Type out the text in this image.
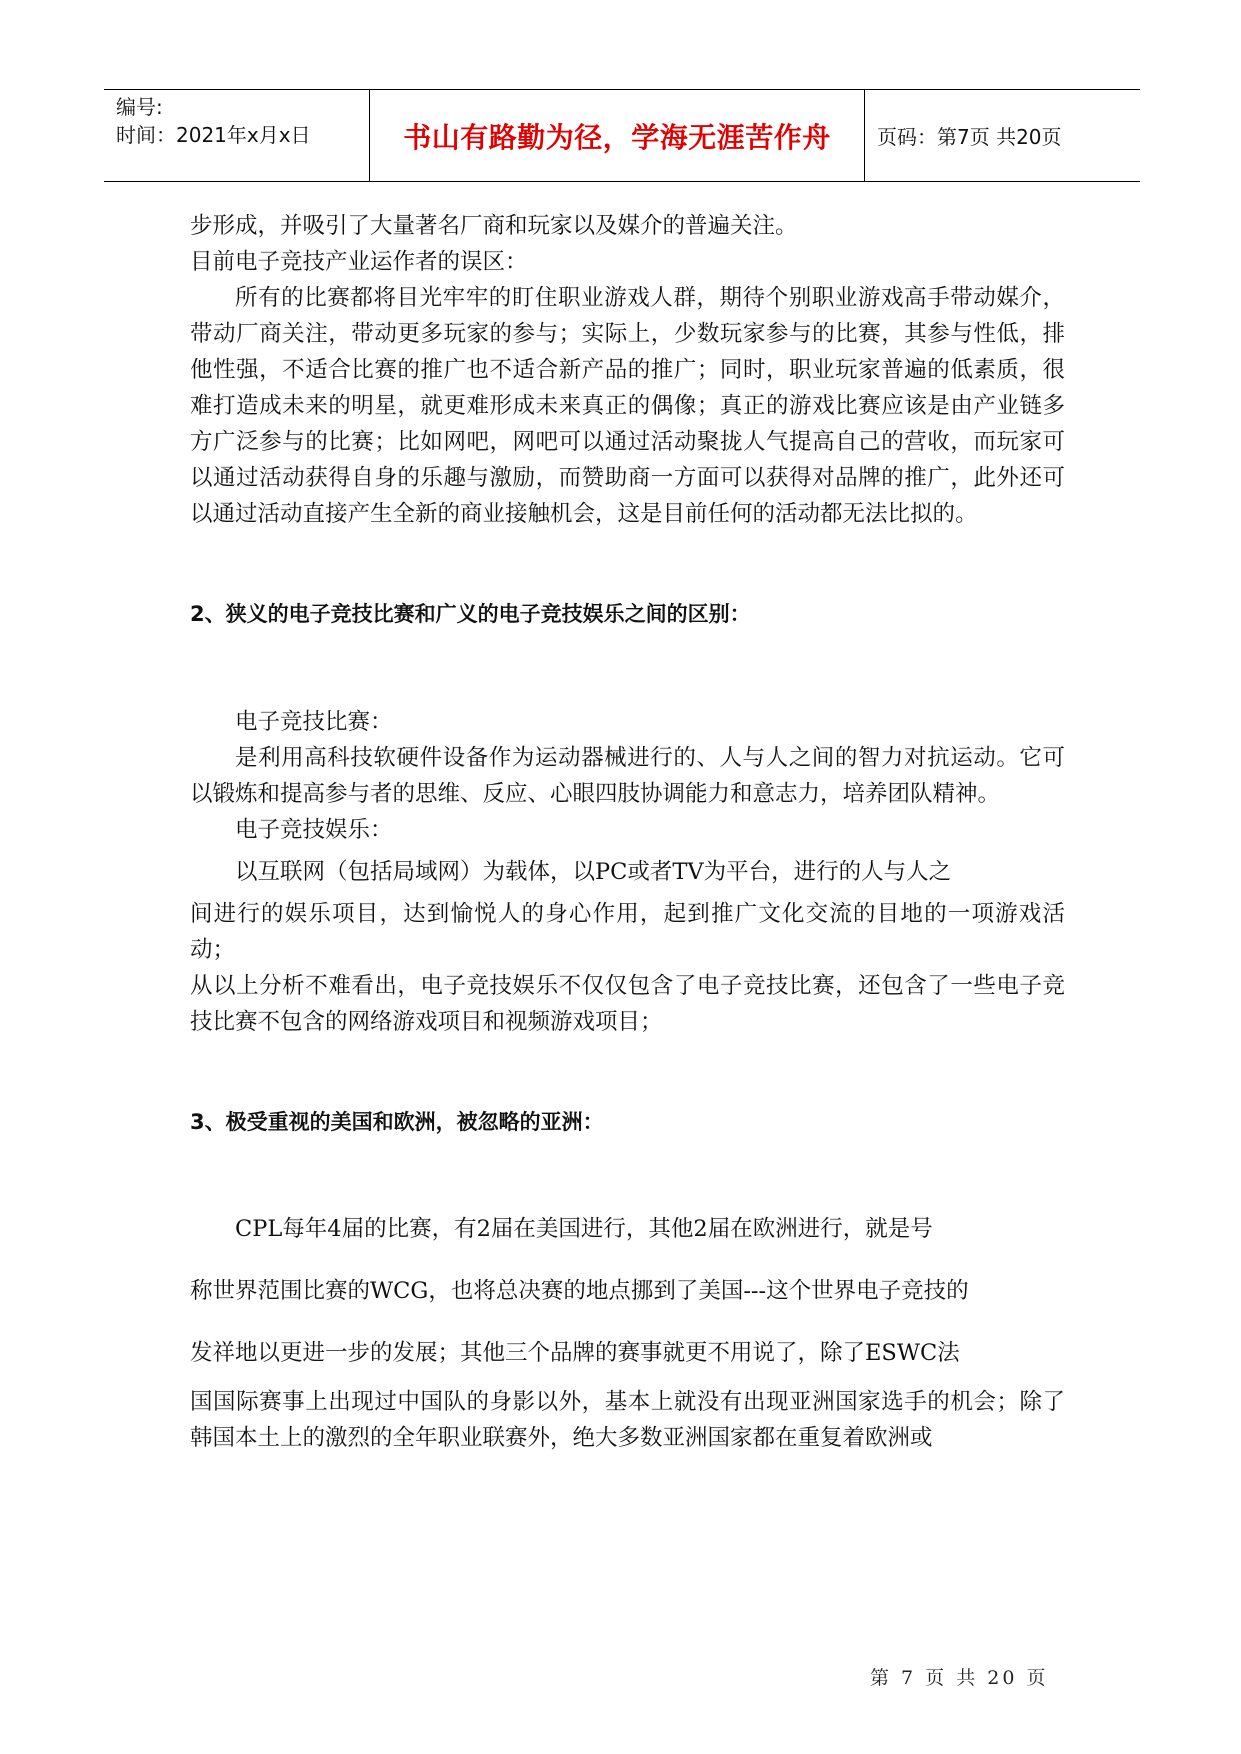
编号:
时间：2021年x月x日	书山有路勤为径，学海无涯苦作舟 页码：第7页 共20页

步形成，并吸引了大量著名厂商和玩家以及媒介的普遍关注。

目前电子竞技产业运作者的误区：

所有的比赛都将目光牢牢的盯住职业游戏人群，期待个别职业游戏高手带动媒介，带动厂商关注，带动更多玩家的参与；实际上，少数玩家参与的比赛，其参与性低，排他性强，不适合比赛的推广也不适合新产品的推广；同时，职业玩家普遍的低素质，很难打造成未来的明星，就更难形成未来真正的偶像；真正的游戏比赛应该是由产业链多方广泛参与的比赛；比如网吧，网吧可以通过活动聚拢人气提高自己的营收，而玩家可以通过活动获得自身的乐趣与激励，而赞助商一方面可以获得对品牌的推广，此外还可以通过活动直接产生全新的商业接触机会，这是目前任何的活动都无法比拟的。

2、狭义的电子竞技比赛和广义的电子竞技娱乐之间的区别：

电子竞技比赛：

是利用高科技软硬件设备作为运动器械进行的、人与人之间的智力对抗运动。它可以锻炼和提高参与者的思维、反应、心眼四肢协调能力和意志力，培养团队精神。

电子竞技娱乐：

以互联网（包括局域网）为载体，以PC或者TV为平台，进行的人与人之

间进行的娱乐项目，达到愉悦人的身心作用，起到推广文化交流的目地的一项游戏活动；

从以上分析不难看出，电子竞技娱乐不仅仅包含了电子竞技比赛，还包含了一些电子竞技比赛不包含的网络游戏项目和视频游戏项目；

3、极受重视的美国和欧洲，被忽略的亚洲：

CPL每年4届的比赛，有2届在美国进行，其他2届在欧洲进行，就是号

称世界范围比赛的WCG，也将总决赛的地点挪到了美国---这个世界电子竞技的

发祥地以更进一步的发展；其他三个品牌的赛事就更不用说了，除了ESWC法

国国际赛事上出现过中国队的身影以外，基本上就没有出现亚洲国家选手的机会；除了韩国本土上的激烈的全年职业联赛外，绝大多数亚洲国家都在重复着欧洲或

第 7 页 共 20 页
